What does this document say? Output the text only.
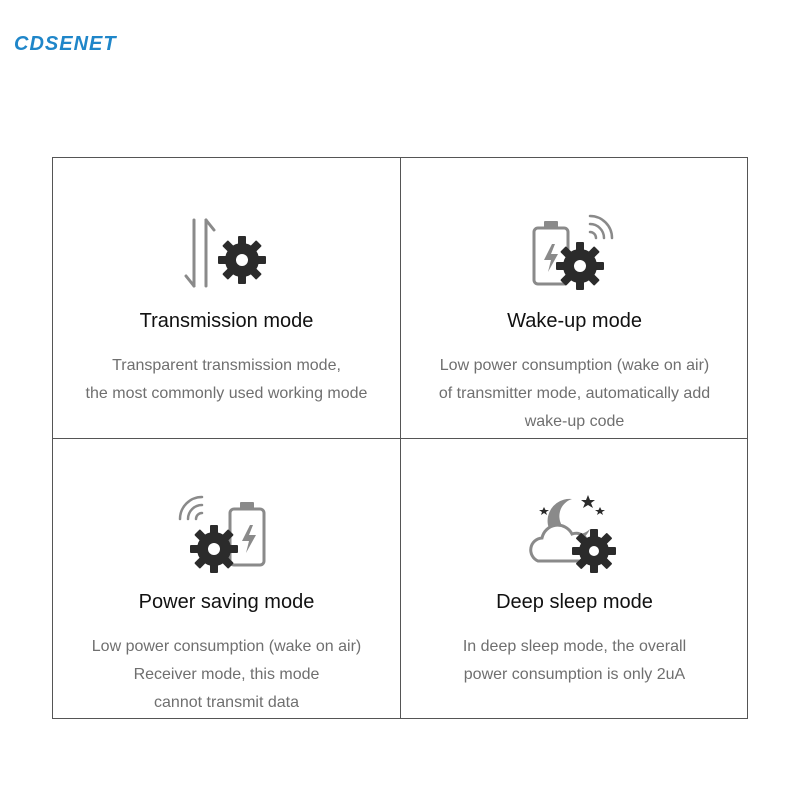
CDSENET
Transmission mode
Transparent transmission mode,
the most commonly used working mode
Wake-up mode
Low power consumption (wake on air)
of transmitter mode, automatically add
wake-up code
Power saving mode
Low power consumption (wake on air)
Receiver mode, this mode
cannot transmit data
Deep sleep mode
In deep sleep mode, the overall
power consumption is only 2uA
